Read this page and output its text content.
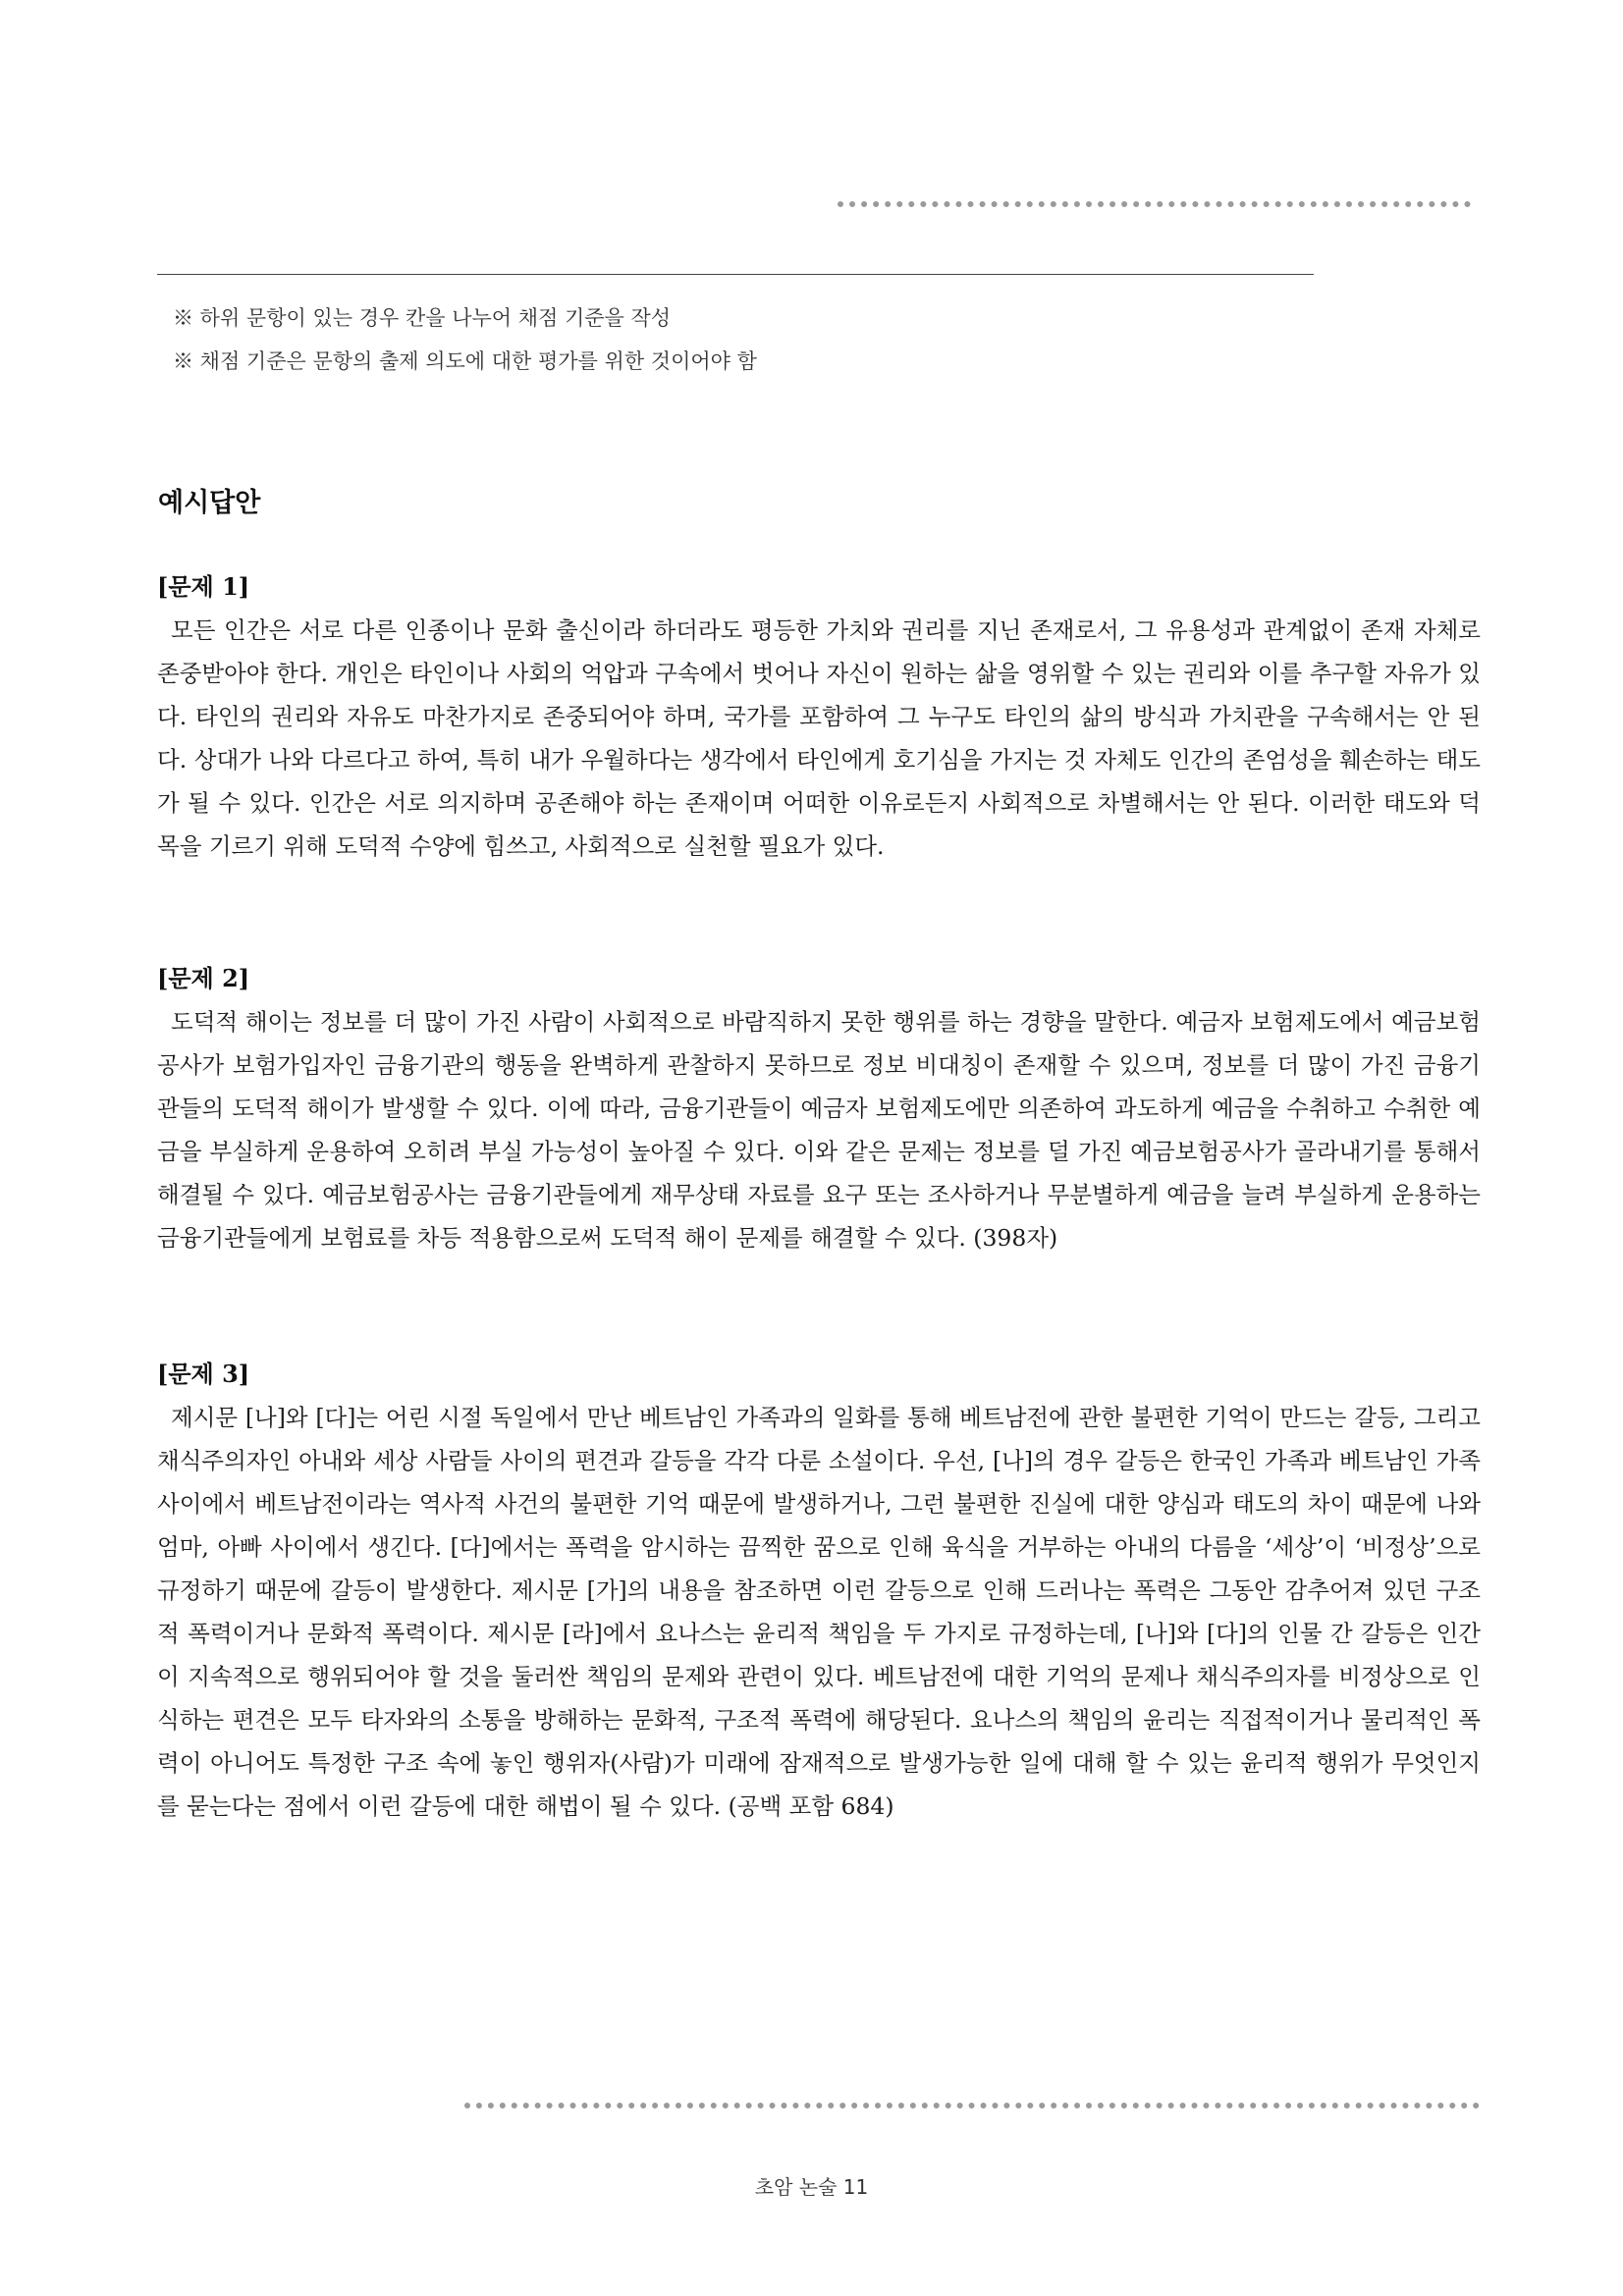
※ 하위 문항이 있는 경우 칸을 나누어 채점 기준을 작성

※ 채점 기준은 문항의 출제 의도에 대한 평가를 위한 것이어야 함

예시답안
[문제 1]

모든 인간은 서로 다른 인종이나 문화 출신이라 하더라도 평등한 가치와 권리를 지닌 존재로서, 그 유용성과 관계없이 존재 자체로 존중받아야 한다. 개인은 타인이나 사회의 억압과 구속에서 벗어나 자신이 원하는 삶을 영위할 수 있는 권리와 이를 추구할 자유가 있다. 타인의 권리와 자유도 마찬가지로 존중되어야 하며, 국가를 포함하여 그 누구도 타인의 삶의 방식과 가치관을 구속해서는 안 된다. 상대가 나와 다르다고 하여, 특히 내가 우월하다는 생각에서 타인에게 호기심을 가지는 것 자체도 인간의 존엄성을 훼손하는 태도가 될 수 있다. 인간은 서로 의지하며 공존해야 하는 존재이며 어떠한 이유로든지 사회적으로 차별해서는 안 된다. 이러한 태도와 덕목을 기르기 위해 도덕적 수양에 힘쓰고, 사회적으로 실천할 필요가 있다.

[문제 2]

도덕적 해이는 정보를 더 많이 가진 사람이 사회적으로 바람직하지 못한 행위를 하는 경향을 말한다. 예금자 보험제도에서 예금보험공사가 보험가입자인 금융기관의 행동을 완벽하게 관찰하지 못하므로 정보 비대칭이 존재할 수 있으며, 정보를 더 많이 가진 금융기관들의 도덕적 해이가 발생할 수 있다. 이에 따라, 금융기관들이 예금자 보험제도에만 의존하여 과도하게 예금을 수취하고 수취한 예금을 부실하게 운용하여 오히려 부실 가능성이 높아질 수 있다. 이와 같은 문제는 정보를 덜 가진 예금보험공사가 골라내기를 통해서 해결될 수 있다. 예금보험공사는 금융기관들에게 재무상태 자료를 요구 또는 조사하거나 무분별하게 예금을 늘려 부실하게 운용하는 금융기관들에게 보험료를 차등 적용함으로써 도덕적 해이 문제를 해결할 수 있다. (398자)

[문제 3]

제시문 [나]와 [다]는 어린 시절 독일에서 만난 베트남인 가족과의 일화를 통해 베트남전에 관한 불편한 기억이 만드는 갈등, 그리고 채식주의자인 아내와 세상 사람들 사이의 편견과 갈등을 각각 다룬 소설이다. 우선, [나]의 경우 갈등은 한국인 가족과 베트남인 가족 사이에서 베트남전이라는 역사적 사건의 불편한 기억 때문에 발생하거나, 그런 불편한 진실에 대한 양심과 태도의 차이 때문에 나와 엄마, 아빠 사이에서 생긴다. [다]에서는 폭력을 암시하는 끔찍한 꿈으로 인해 육식을 거부하는 아내의 다름을 ‘세상’이 ‘비정상’으로 규정하기 때문에 갈등이 발생한다. 제시문 [가]의 내용을 참조하면 이런 갈등으로 인해 드러나는 폭력은 그동안 감추어져 있던 구조적 폭력이거나 문화적 폭력이다. 제시문 [라]에서 요나스는 윤리적 책임을 두 가지로 규정하는데, [나]와 [다]의 인물 간 갈등은 인간이 지속적으로 행위되어야 할 것을 둘러싼 책임의 문제와 관련이 있다. 베트남전에 대한 기억의 문제나 채식주의자를 비정상으로 인식하는 편견은 모두 타자와의 소통을 방해하는 문화적, 구조적 폭력에 해당된다. 요나스의 책임의 윤리는 직접적이거나 물리적인 폭력이 아니어도 특정한 구조 속에 놓인 행위자(사람)가 미래에 잠재적으로 발생가능한 일에 대해 할 수 있는 윤리적 행위가 무엇인지를 묻는다는 점에서 이런 갈등에 대한 해법이 될 수 있다. (공백 포함 684)

초암 논술 11
